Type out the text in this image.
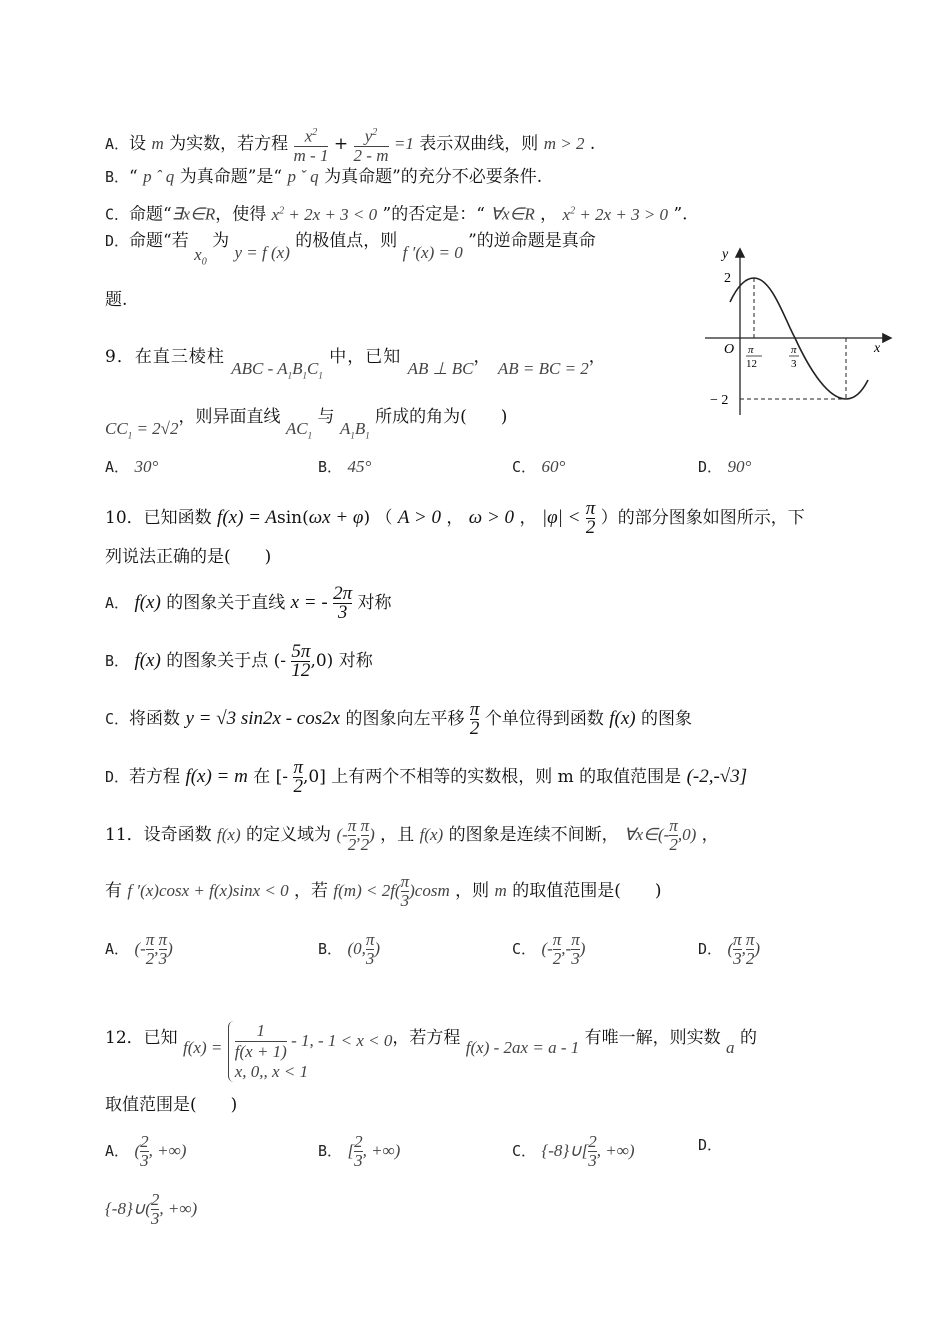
A．设 m 为实数，若方程 $\frac{x^2}{m - 1} + \frac{y^2}{2 - m} =1$ 表示双曲线，则 m > 2 .
B．“ p ˆ q 为真命题”是“ p ˇ q 为真命题”的充分不必要条件.
C．命题“∃x∈R，使得 $x^2 + 2x + 3 < 0$ ”的否定是：“ ∀x∈R ， $x^2 + 2x + 3 > 0$ ”.
D．命题“若 $x_0$ 为 y = f (x) 的极值点，则 f ′(x) = 0 ”的逆命题是真命
题.
9．在直三棱柱 ABC - $A_1B_1C_1$ 中，已知 AB ⊥ BC， AB = BC = 2，
$CC_1 = 2√2$，则异面直线 $AC_1$ 与 $A_1B_1$ 所成的角为(　　)
A． 30°	B． 45°	C． 60°	D． 90°
10．已知函数 f(x) = Asin(ωx + φ) （ A > 0 ， ω > 0 ， $|\varphi| < \frac{\pi}{2}$ ）的部分图象如图所示，下
列说法正确的是(　　)
A． f(x) 的图象关于直线 x = - $\frac{2\pi}{3}$ 对称
B． f(x) 的图象关于点 (- $\frac{5\pi}{12} ,0$) 对称
C．将函数 y = √3 sin2x - cos2x 的图象向左平移 $\frac{\pi}{2}$ 个单位得到函数 f(x) 的图象
D．若方程 f(x) = m 在 [- $\frac{\pi}{2} ,0$] 上有两个不相等的实数根，则 m 的取值范围是 (-2,-√3]
11．设奇函数 f(x) 的定义域为 (- $\frac{\pi}{2}$ , $\frac{\pi}{2}$ ) ，且 f(x) 的图象是连续不间断， ∀x∈(- $\frac{\pi}{2} ,0$) ，
有 f ′(x)cosx + f(x)sinx < 0 ，若 $f(m) < 2f( \frac{\pi}{3} )\cos m$ ，则 m 的取值范围是(　　)
A． (- $\frac{\pi}{2}$ , $\frac{\pi}{3}$ )	B． (0, $\frac{\pi}{3}$ )	C． (- $\frac{\pi}{2}$ ,- $\frac{\pi}{3}$ )	D． ( $\frac{\pi}{3}$ , $\frac{\pi}{2}$ )
12．已知 $f(x) = \frac{1}{f(x + 1)} - 1$, - 1 < x < 0
x, 0,, x < 1，若方程 f(x) - 2ax = a - 1 有唯一解，则实数 a 的
取值范围是(　　)
A． ( $\frac{2}{3}$ , +∞)	B． [ $\frac{2}{3}$ , +∞)	C． {-8}∪[ $\frac{2}{3}$ , +∞)	D．
{-8}∪( $\frac{2}{3}$ , +∞)
y
x
O
2
− 2
π
12
π
3
